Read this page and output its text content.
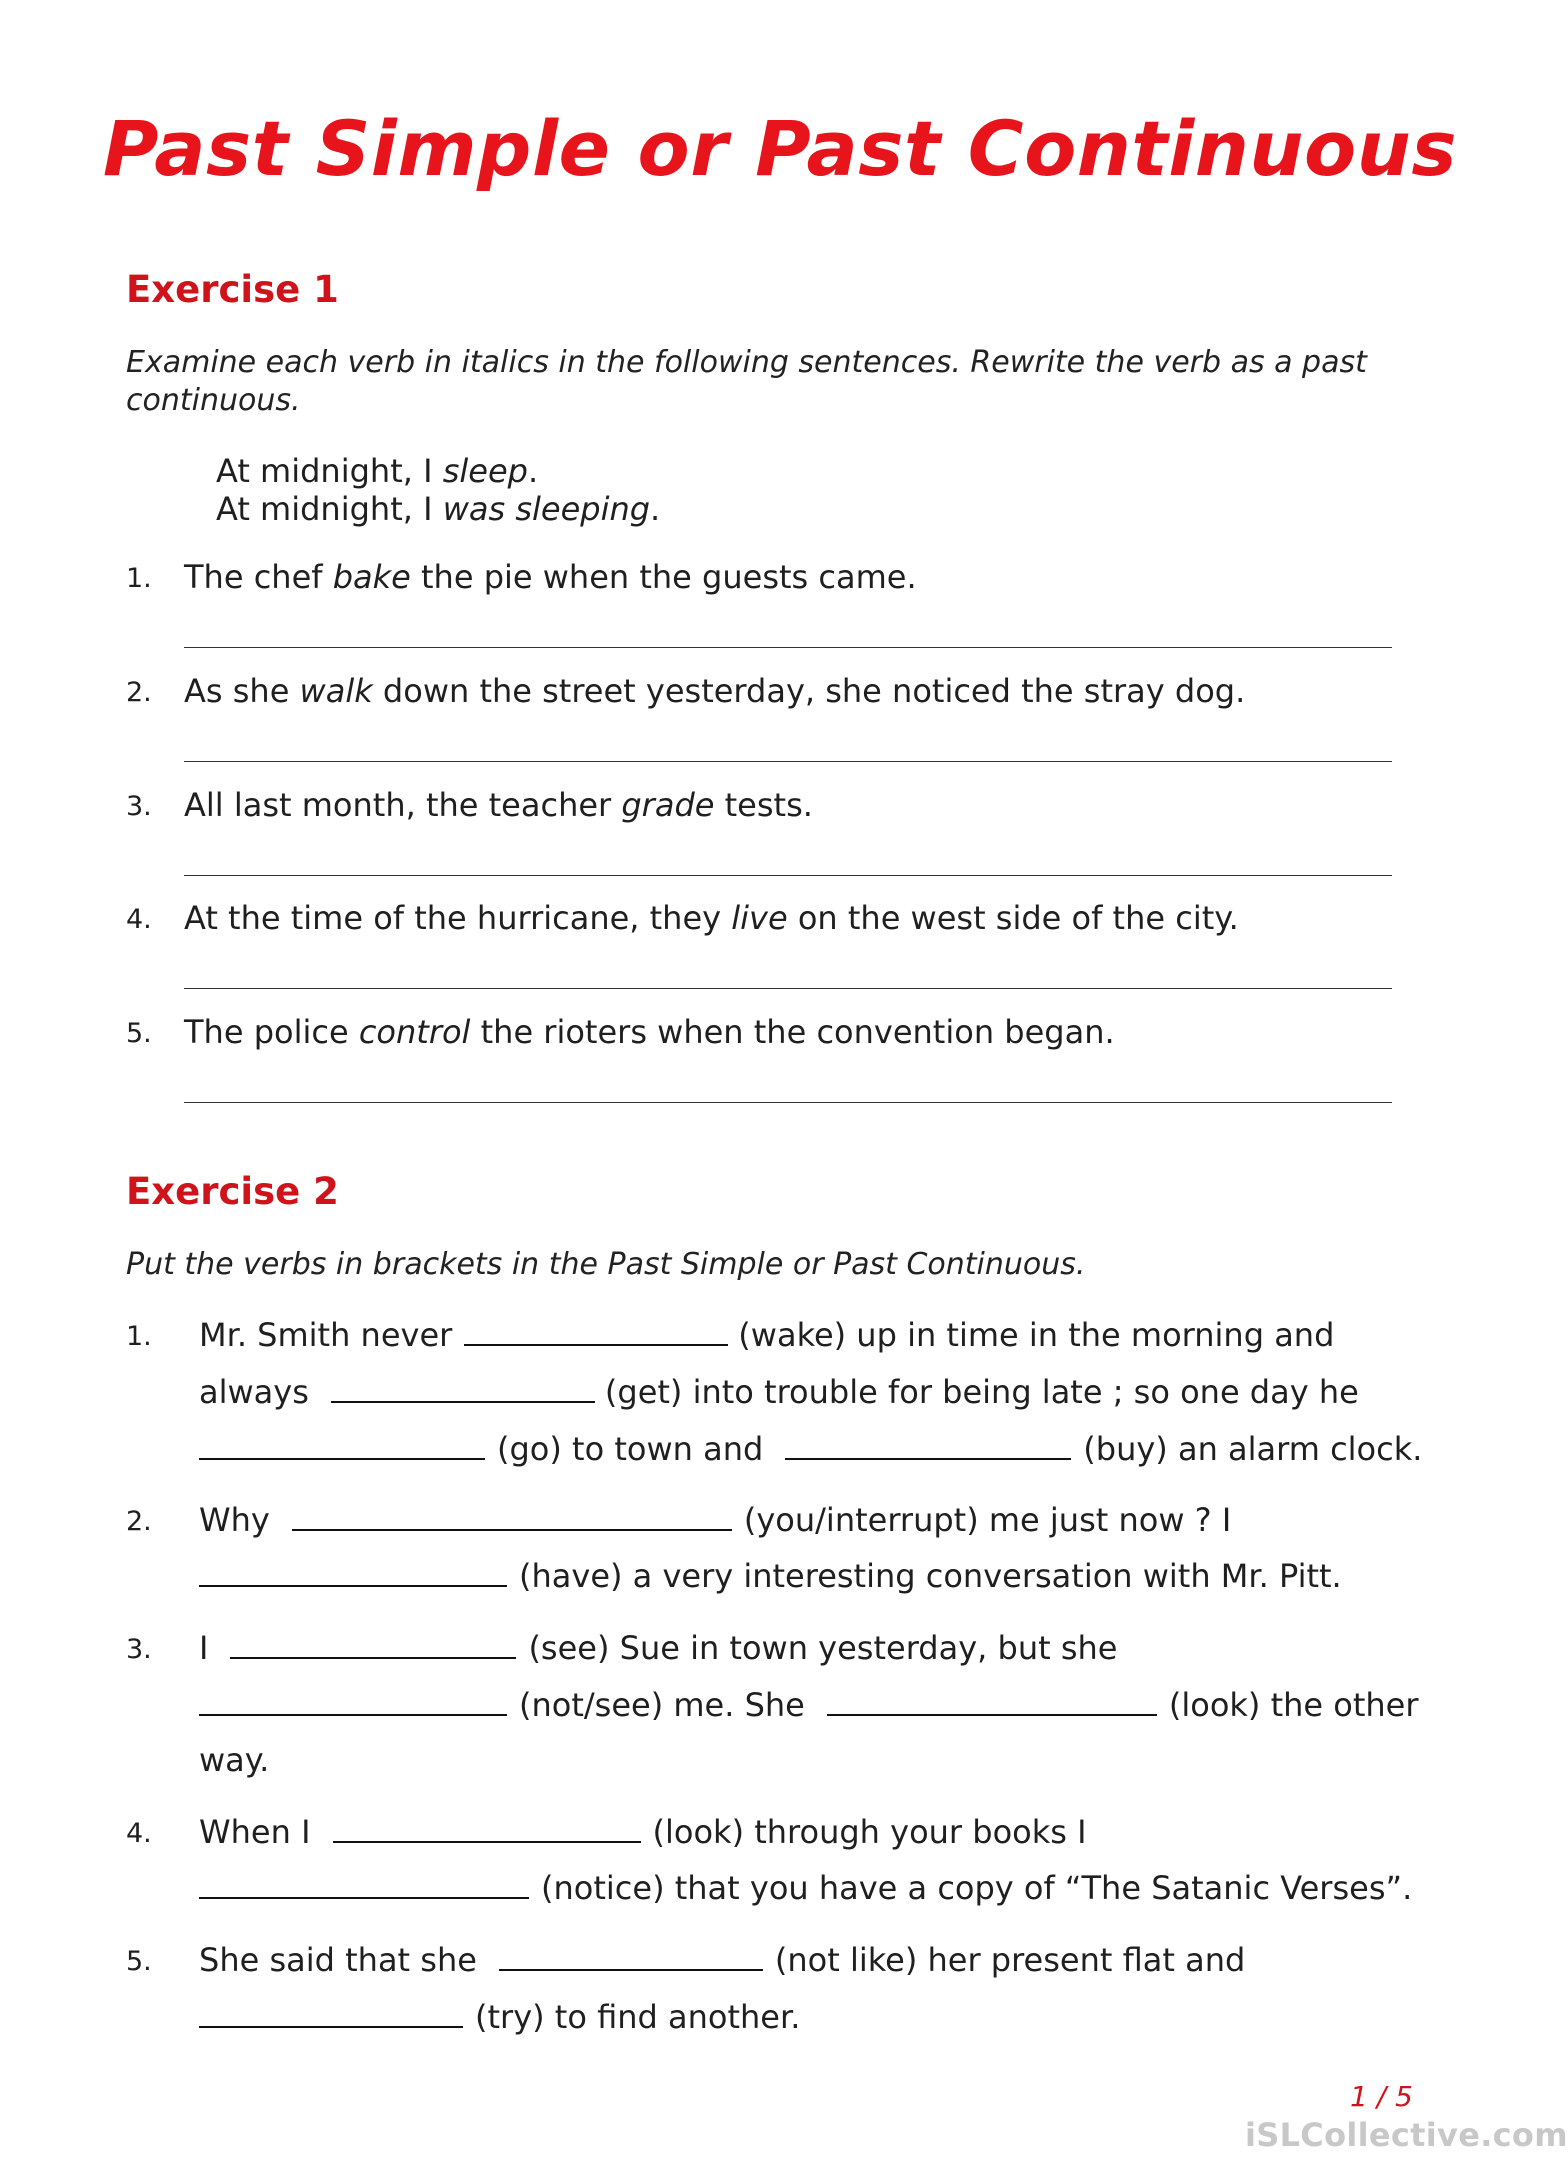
Past Simple or Past Continuous
Exercise 1
Examine each verb in italics in the following sentences. Rewrite the verb as a past continuous.
At midnight, I sleep.
At midnight, I was sleeping.
1. The chef bake the pie when the guests came.
2. As she walk down the street yesterday, she noticed the stray dog.
3. All last month, the teacher grade tests.
4. At the time of the hurricane, they live on the west side of the city.
5. The police control the rioters when the convention began.
Exercise 2
Put the verbs in brackets in the Past Simple or Past Continuous.
1. Mr. Smith never	(wake) up in time in the morning and
always	(get) into trouble for being late ; so one day he
(go) to town and	(buy) an alarm clock.
2. Why	(you/interrupt) me just now ? I
(have) a very interesting conversation with Mr. Pitt.
3. I	(see) Sue in town yesterday, but she
(not/see) me. She	(look) the other
way.
4. When I	(look) through your books I
(notice) that you have a copy of “The Satanic Verses”.
5. She said that she	(not like) her present flat and
(try) to find another.
1 / 5
iSLCollective.com
